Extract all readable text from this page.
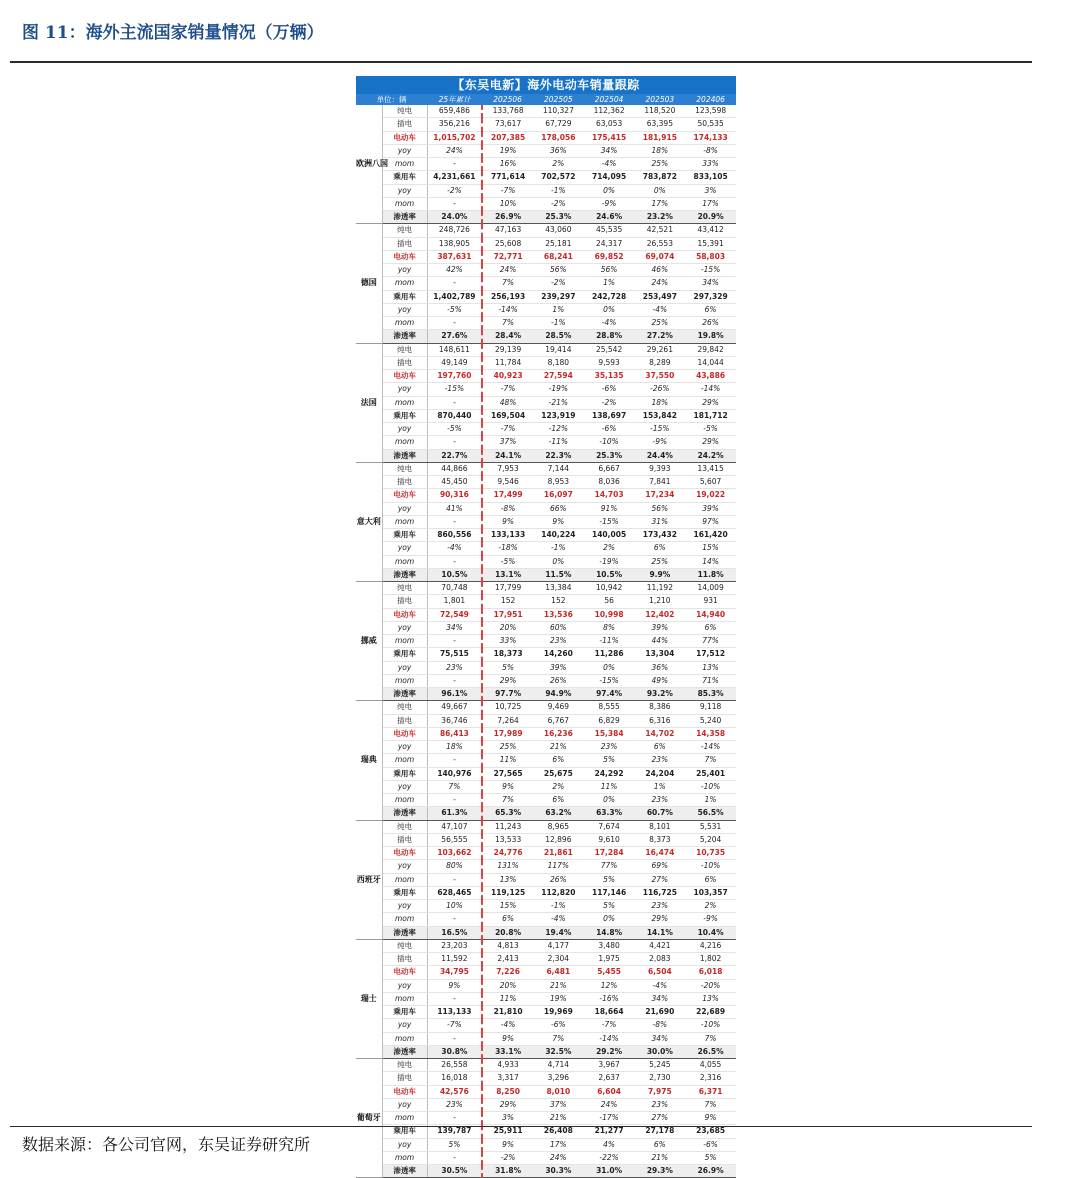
图 11：海外主流国家销量情况（万辆）
【东吴电新】海外电动车销量跟踪
单位：辆		25年累计	202506	202505	202504	202503	202406
欧洲八国	纯电	659,486	133,768	110,327	112,362	118,520	123,598
	插电	356,216	73,617	67,729	63,053	63,395	50,535
	电动车	1,015,702	207,385	178,056	175,415	181,915	174,133
	yoy	24%	19%	36%	34%	18%	-8%
	mom	-	16%	2%	-4%	25%	33%
	乘用车	4,231,661	771,614	702,572	714,095	783,872	833,105
	yoy	-2%	-7%	-1%	0%	0%	3%
	mom	-	10%	-2%	-9%	17%	17%
	渗透率	24.0%	26.9%	25.3%	24.6%	23.2%	20.9%
德国	纯电	248,726	47,163	43,060	45,535	42,521	43,412
	插电	138,905	25,608	25,181	24,317	26,553	15,391
	电动车	387,631	72,771	68,241	69,852	69,074	58,803
	yoy	42%	24%	56%	56%	46%	-15%
	mom	-	7%	-2%	1%	24%	34%
	乘用车	1,402,789	256,193	239,297	242,728	253,497	297,329
	yoy	-5%	-14%	1%	0%	-4%	6%
	mom	-	7%	-1%	-4%	25%	26%
	渗透率	27.6%	28.4%	28.5%	28.8%	27.2%	19.8%
法国	纯电	148,611	29,139	19,414	25,542	29,261	29,842
	插电	49,149	11,784	8,180	9,593	8,289	14,044
	电动车	197,760	40,923	27,594	35,135	37,550	43,886
	yoy	-15%	-7%	-19%	-6%	-26%	-14%
	mom	-	48%	-21%	-2%	18%	29%
	乘用车	870,440	169,504	123,919	138,697	153,842	181,712
	yoy	-5%	-7%	-12%	-6%	-15%	-5%
	mom	-	37%	-11%	-10%	-9%	29%
	渗透率	22.7%	24.1%	22.3%	25.3%	24.4%	24.2%
意大利	纯电	44,866	7,953	7,144	6,667	9,393	13,415
	插电	45,450	9,546	8,953	8,036	7,841	5,607
	电动车	90,316	17,499	16,097	14,703	17,234	19,022
	yoy	41%	-8%	66%	91%	56%	39%
	mom	-	9%	9%	-15%	31%	97%
	乘用车	860,556	133,133	140,224	140,005	173,432	161,420
	yoy	-4%	-18%	-1%	2%	6%	15%
	mom	-	-5%	0%	-19%	25%	14%
	渗透率	10.5%	13.1%	11.5%	10.5%	9.9%	11.8%
挪威	纯电	70,748	17,799	13,384	10,942	11,192	14,009
	插电	1,801	152	152	56	1,210	931
	电动车	72,549	17,951	13,536	10,998	12,402	14,940
	yoy	34%	20%	60%	8%	39%	6%
	mom	-	33%	23%	-11%	44%	77%
	乘用车	75,515	18,373	14,260	11,286	13,304	17,512
	yoy	23%	5%	39%	0%	36%	13%
	mom	-	29%	26%	-15%	49%	71%
	渗透率	96.1%	97.7%	94.9%	97.4%	93.2%	85.3%
瑞典	纯电	49,667	10,725	9,469	8,555	8,386	9,118
	插电	36,746	7,264	6,767	6,829	6,316	5,240
	电动车	86,413	17,989	16,236	15,384	14,702	14,358
	yoy	18%	25%	21%	23%	6%	-14%
	mom	-	11%	6%	5%	23%	7%
	乘用车	140,976	27,565	25,675	24,292	24,204	25,401
	yoy	7%	9%	2%	11%	1%	-10%
	mom	-	7%	6%	0%	23%	1%
	渗透率	61.3%	65.3%	63.2%	63.3%	60.7%	56.5%
西班牙	纯电	47,107	11,243	8,965	7,674	8,101	5,531
	插电	56,555	13,533	12,896	9,610	8,373	5,204
	电动车	103,662	24,776	21,861	17,284	16,474	10,735
	yoy	80%	131%	117%	77%	69%	-10%
	mom	-	13%	26%	5%	27%	6%
	乘用车	628,465	119,125	112,820	117,146	116,725	103,357
	yoy	10%	15%	-1%	5%	23%	2%
	mom	-	6%	-4%	0%	29%	-9%
	渗透率	16.5%	20.8%	19.4%	14.8%	14.1%	10.4%
瑞士	纯电	23,203	4,813	4,177	3,480	4,421	4,216
	插电	11,592	2,413	2,304	1,975	2,083	1,802
	电动车	34,795	7,226	6,481	5,455	6,504	6,018
	yoy	9%	20%	21%	12%	-4%	-20%
	mom	-	11%	19%	-16%	34%	13%
	乘用车	113,133	21,810	19,969	18,664	21,690	22,689
	yoy	-7%	-4%	-6%	-7%	-8%	-10%
	mom	-	9%	7%	-14%	34%	7%
	渗透率	30.8%	33.1%	32.5%	29.2%	30.0%	26.5%
葡萄牙	纯电	26,558	4,933	4,714	3,967	5,245	4,055
	插电	16,018	3,317	3,296	2,637	2,730	2,316
	电动车	42,576	8,250	8,010	6,604	7,975	6,371
	yoy	23%	29%	37%	24%	23%	7%
	mom	-	3%	21%	-17%	27%	9%
	乘用车	139,787	25,911	26,408	21,277	27,178	23,685
	yoy	5%	9%	17%	4%	6%	-6%
	mom	-	-2%	24%	-22%	21%	5%
	渗透率	30.5%	31.8%	30.3%	31.0%	29.3%	26.9%
数据来源：各公司官网，东吴证券研究所
